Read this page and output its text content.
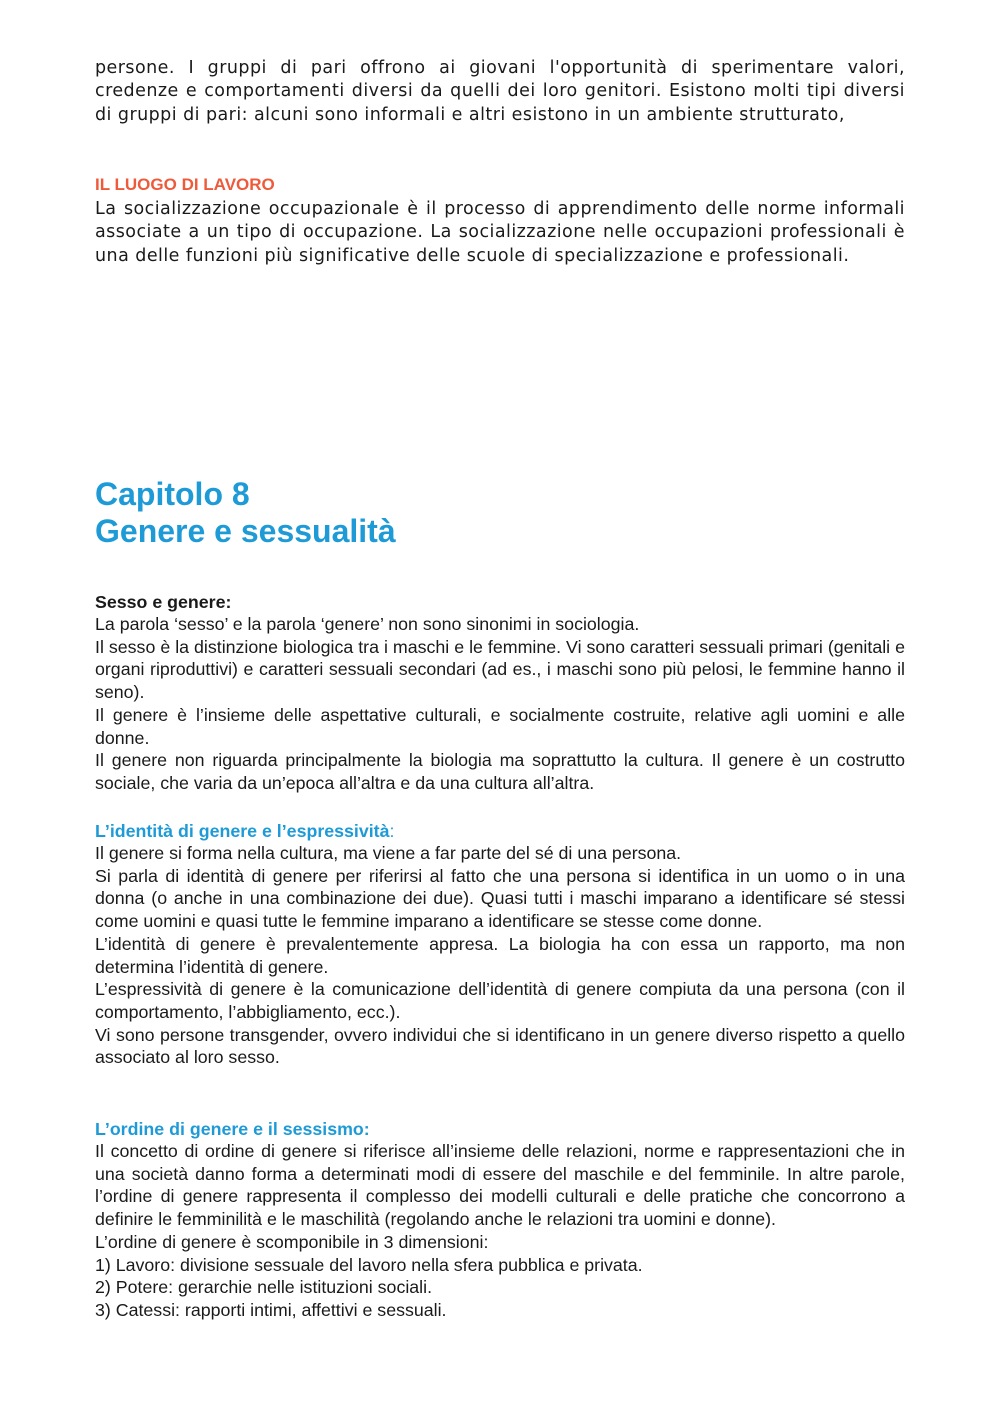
persone. I gruppi di pari offrono ai giovani l'opportunità di sperimentare valori, credenze e comportamenti diversi da quelli dei loro genitori. Esistono molti tipi diversi di gruppi di pari: alcuni sono informali e altri esistono in un ambiente strutturato,

IL LUOGO DI LAVORO

La socializzazione occupazionale è il processo di apprendimento delle norme informali associate a un tipo di occupazione. La socializzazione nelle occupazioni professionali è una delle funzioni più significative delle scuole di specializzazione e professionali.

Capitolo 8

Genere e sessualità

Sesso e genere:

La parola ‘sesso’ e la parola ‘genere’ non sono sinonimi in sociologia.

Il sesso è la distinzione biologica tra i maschi e le femmine. Vi sono caratteri sessuali primari (genitali e organi riproduttivi) e caratteri sessuali secondari (ad es., i maschi sono più pelosi, le femmine hanno il seno).

Il genere è l’insieme delle aspettative culturali, e socialmente costruite, relative agli uomini e alle donne.

Il genere non riguarda principalmente la biologia ma soprattutto la cultura. Il genere è un costrutto sociale, che varia da un’epoca all’altra e da una cultura all’altra.

L’identità di genere e l’espressività:

Il genere si forma nella cultura, ma viene a far parte del sé di una persona.

Si parla di identità di genere per riferirsi al fatto che una persona si identifica in un uomo o in una donna (o anche in una combinazione dei due). Quasi tutti i maschi imparano a identificare sé stessi come uomini e quasi tutte le femmine imparano a identificare se stesse come donne.

L’identità di genere è prevalentemente appresa. La biologia ha con essa un rapporto, ma non determina l’identità di genere.

L’espressività di genere è la comunicazione dell’identità di genere compiuta da una persona (con il comportamento, l’abbigliamento, ecc.).

Vi sono persone transgender, ovvero individui che si identificano in un genere diverso rispetto a quello associato al loro sesso.

L’ordine di genere e il sessismo:

Il concetto di ordine di genere si riferisce all’insieme delle relazioni, norme e rappresentazioni che in una società danno forma a determinati modi di essere del maschile e del femminile. In altre parole, l’ordine di genere rappresenta il complesso dei modelli culturali e delle pratiche che concorrono a definire le femminilità e le maschilità (regolando anche le relazioni tra uomini e donne).

L’ordine di genere è scomponibile in 3 dimensioni:

1) Lavoro: divisione sessuale del lavoro nella sfera pubblica e privata.

2) Potere: gerarchie nelle istituzioni sociali.

3) Catessi: rapporti intimi, affettivi e sessuali.
